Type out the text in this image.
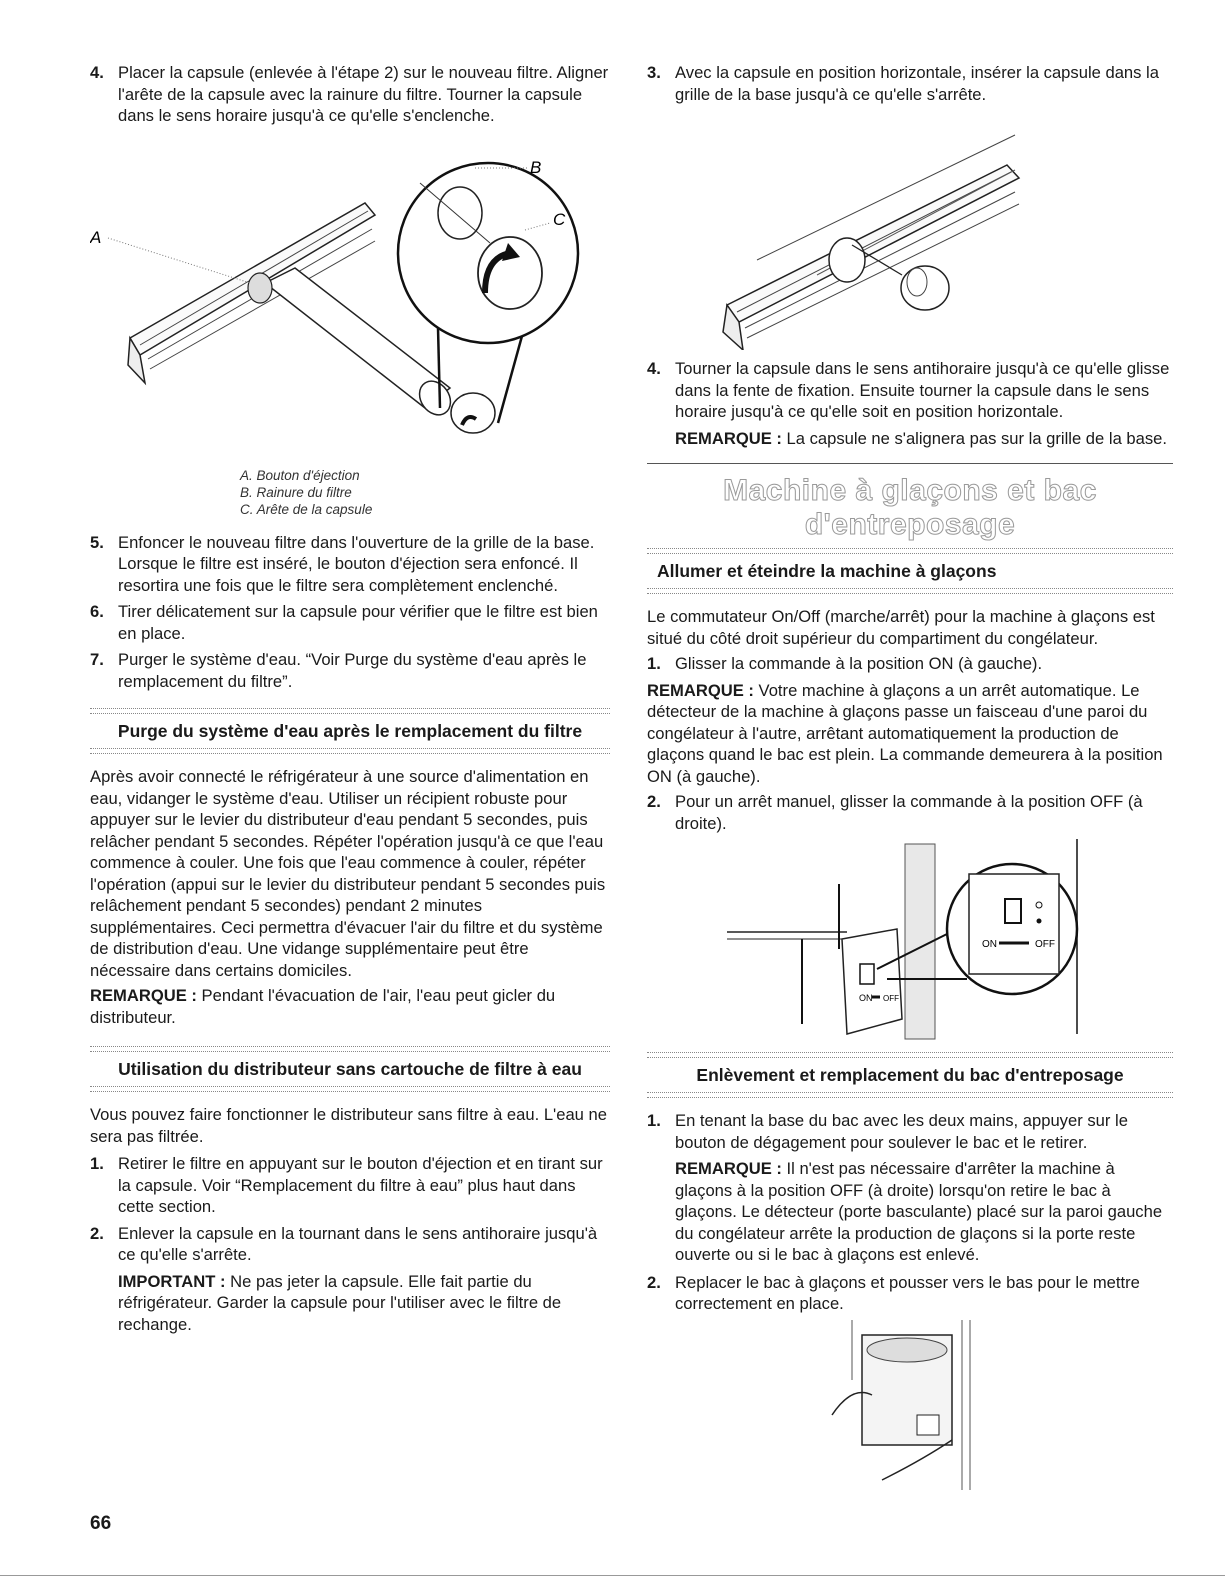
4. Placer la capsule (enlevée à l'étape 2) sur le nouveau filtre. Aligner l'arête de la capsule avec la rainure du filtre. Tourner la capsule dans le sens horaire jusqu'à ce qu'elle s'enclenche.
B
C
A
A. Bouton d'éjection
B. Rainure du filtre
C. Arête de la capsule
5. Enfoncer le nouveau filtre dans l'ouverture de la grille de la base. Lorsque le filtre est inséré, le bouton d'éjection sera enfoncé. Il resortira une fois que le filtre sera complètement enclenché.
6. Tirer délicatement sur la capsule pour vérifier que le filtre est bien en place.
7. Purger le système d'eau. “Voir Purge du système d'eau après le remplacement du filtre”.
Purge du système d'eau après le remplacement du filtre

Après avoir connecté le réfrigérateur à une source d'alimentation en eau, vidanger le système d'eau. Utiliser un récipient robuste pour appuyer sur le levier du distributeur d'eau pendant 5 secondes, puis relâcher pendant 5 secondes. Répéter l'opération jusqu'à ce que l'eau commence à couler. Une fois que l'eau commence à couler, répéter l'opération (appui sur le levier du distributeur pendant 5 secondes puis relâchement pendant 5 secondes) pendant 2 minutes supplémentaires. Ceci permettra d'évacuer l'air du filtre et du système de distribution d'eau. Une vidange supplémentaire peut être nécessaire dans certains domiciles.

REMARQUE : Pendant l'évacuation de l'air, l'eau peut gicler du distributeur.

Utilisation du distributeur sans cartouche de filtre à eau

Vous pouvez faire fonctionner le distributeur sans filtre à eau. L'eau ne sera pas filtrée.

1. Retirer le filtre en appuyant sur le bouton d'éjection et en tirant sur la capsule. Voir “Remplacement du filtre à eau” plus haut dans cette section.
2. Enlever la capsule en la tournant dans le sens antihoraire jusqu'à ce qu'elle s'arrête.

IMPORTANT : Ne pas jeter la capsule. Elle fait partie du réfrigérateur. Garder la capsule pour l'utiliser avec le filtre de rechange.

3. Avec la capsule en position horizontale, insérer la capsule dans la grille de la base jusqu'à ce qu'elle s'arrête.
4. Tourner la capsule dans le sens antihoraire jusqu'à ce qu'elle glisse dans la fente de fixation. Ensuite tourner la capsule dans le sens horaire jusqu'à ce qu'elle soit en position horizontale.

REMARQUE : La capsule ne s'alignera pas sur la grille de la base.

Machine à glaçons et bac d'entreposage
Allumer et éteindre la machine à glaçons

Le commutateur On/Off (marche/arrêt) pour la machine à glaçons est situé du côté droit supérieur du compartiment du congélateur.

1. Glisser la commande à la position ON (à gauche).

REMARQUE : Votre machine à glaçons a un arrêt automatique. Le détecteur de la machine à glaçons passe un faisceau d'une paroi du congélateur à l'autre, arrêtant automatiquement la production de glaçons quand le bac est plein. La commande demeurera à la position ON (à gauche).

2. Pour un arrêt manuel, glisser la commande à la position OFF (à droite).
ON OFF
ON	OFF
Enlèvement et remplacement du bac d'entreposage
1. En tenant la base du bac avec les deux mains, appuyer sur le bouton de dégagement pour soulever le bac et le retirer.

REMARQUE : Il n'est pas nécessaire d'arrêter la machine à glaçons à la position OFF (à droite) lorsqu'on retire le bac à glaçons. Le détecteur (porte basculante) placé sur la paroi gauche du congélateur arrête la production de glaçons si la porte reste ouverte ou si le bac à glaçons est enlevé.

2. Replacer le bac à glaçons et pousser vers le bas pour le mettre correctement en place.
66
